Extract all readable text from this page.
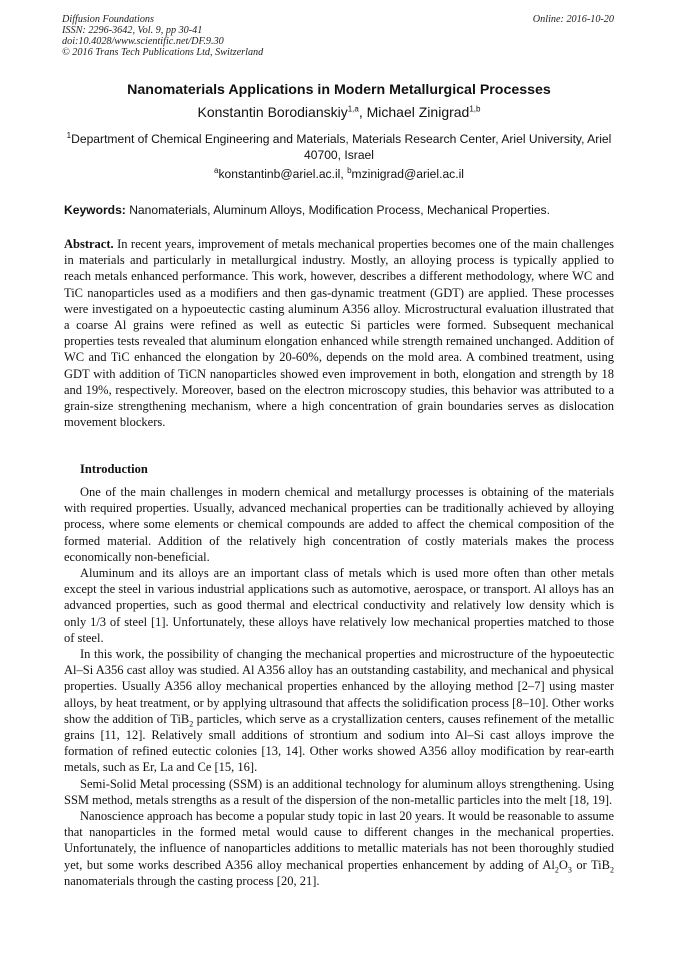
Diffusion Foundations
ISSN: 2296-3642, Vol. 9, pp 30-41
doi:10.4028/www.scientific.net/DF.9.30
© 2016 Trans Tech Publications Ltd, Switzerland
Online: 2016-10-20
Nanomaterials Applications in Modern Metallurgical Processes
Konstantin Borodianskiy$^{1,a}$, Michael Zinigrad$^{1,b}$
$^1$Department of Chemical Engineering and Materials, Materials Research Center, Ariel University, Ariel 40700, Israel
$^a$konstantinb@ariel.ac.il, $^b$mzinigrad@ariel.ac.il
Keywords: Nanomaterials, Aluminum Alloys, Modification Process, Mechanical Properties.
Abstract. In recent years, improvement of metals mechanical properties becomes one of the main challenges in materials and particularly in metallurgical industry. Mostly, an alloying process is typically applied to reach metals enhanced performance. This work, however, describes a different methodology, where WC and TiC nanoparticles used as a modifiers and then gas-dynamic treatment (GDT) are applied. These processes were investigated on a hypoeutectic casting aluminum A356 alloy. Microstructural evaluation illustrated that a coarse Al grains were refined as well as eutectic Si particles were formed. Subsequent mechanical properties tests revealed that aluminum elongation enhanced while strength remained unchanged. Addition of WC and TiC enhanced the elongation by 20-60%, depends on the mold area. A combined treatment, using GDT with addition of TiCN nanoparticles showed even improvement in both, elongation and strength by 18 and 19%, respectively. Moreover, based on the electron microscopy studies, this behavior was attributed to a grain-size strengthening mechanism, where a high concentration of grain boundaries serves as dislocation movement blockers.
Introduction

One of the main challenges in modern chemical and metallurgy processes is obtaining of the materials with required properties. Usually, advanced mechanical properties can be traditionally achieved by alloying process, where some elements or chemical compounds are added to affect the chemical composition of the formed material. Addition of the relatively high concentration of costly materials makes the process economically non-beneficial.

Aluminum and its alloys are an important class of metals which is used more often than other metals except the steel in various industrial applications such as automotive, aerospace, or transport. Al alloys has an advanced properties, such as good thermal and electrical conductivity and relatively low density which is only 1/3 of steel [1]. Unfortunately, these alloys have relatively low mechanical properties matched to those of steel.

In this work, the possibility of changing the mechanical properties and microstructure of the hypoeutectic Al–Si A356 cast alloy was studied. Al A356 alloy has an outstanding castability, and mechanical and physical properties. Usually A356 alloy mechanical properties enhanced by the alloying method [2–7] using master alloys, by heat treatment, or by applying ultrasound that affects the solidification process [8–10]. Other works show the addition of TiB$_2$ particles, which serve as a crystallization centers, causes refinement of the metallic grains [11, 12]. Relatively small additions of strontium and sodium into Al–Si cast alloys improve the formation of refined eutectic colonies [13, 14]. Other works showed A356 alloy modification by rear-earth metals, such as Er, La and Ce [15, 16].

Semi-Solid Metal processing (SSM) is an additional technology for aluminum alloys strengthening. Using SSM method, metals strengths as a result of the dispersion of the non-metallic particles into the melt [18, 19].

Nanoscience approach has become a popular study topic in last 20 years. It would be reasonable to assume that nanoparticles in the formed metal would cause to different changes in the mechanical properties. Unfortunately, the influence of nanoparticles additions to metallic materials has not been thoroughly studied yet, but some works described A356 alloy mechanical properties enhancement by adding of $Al_2O_3$ or TiB$_2$ nanomaterials through the casting process [20, 21].
